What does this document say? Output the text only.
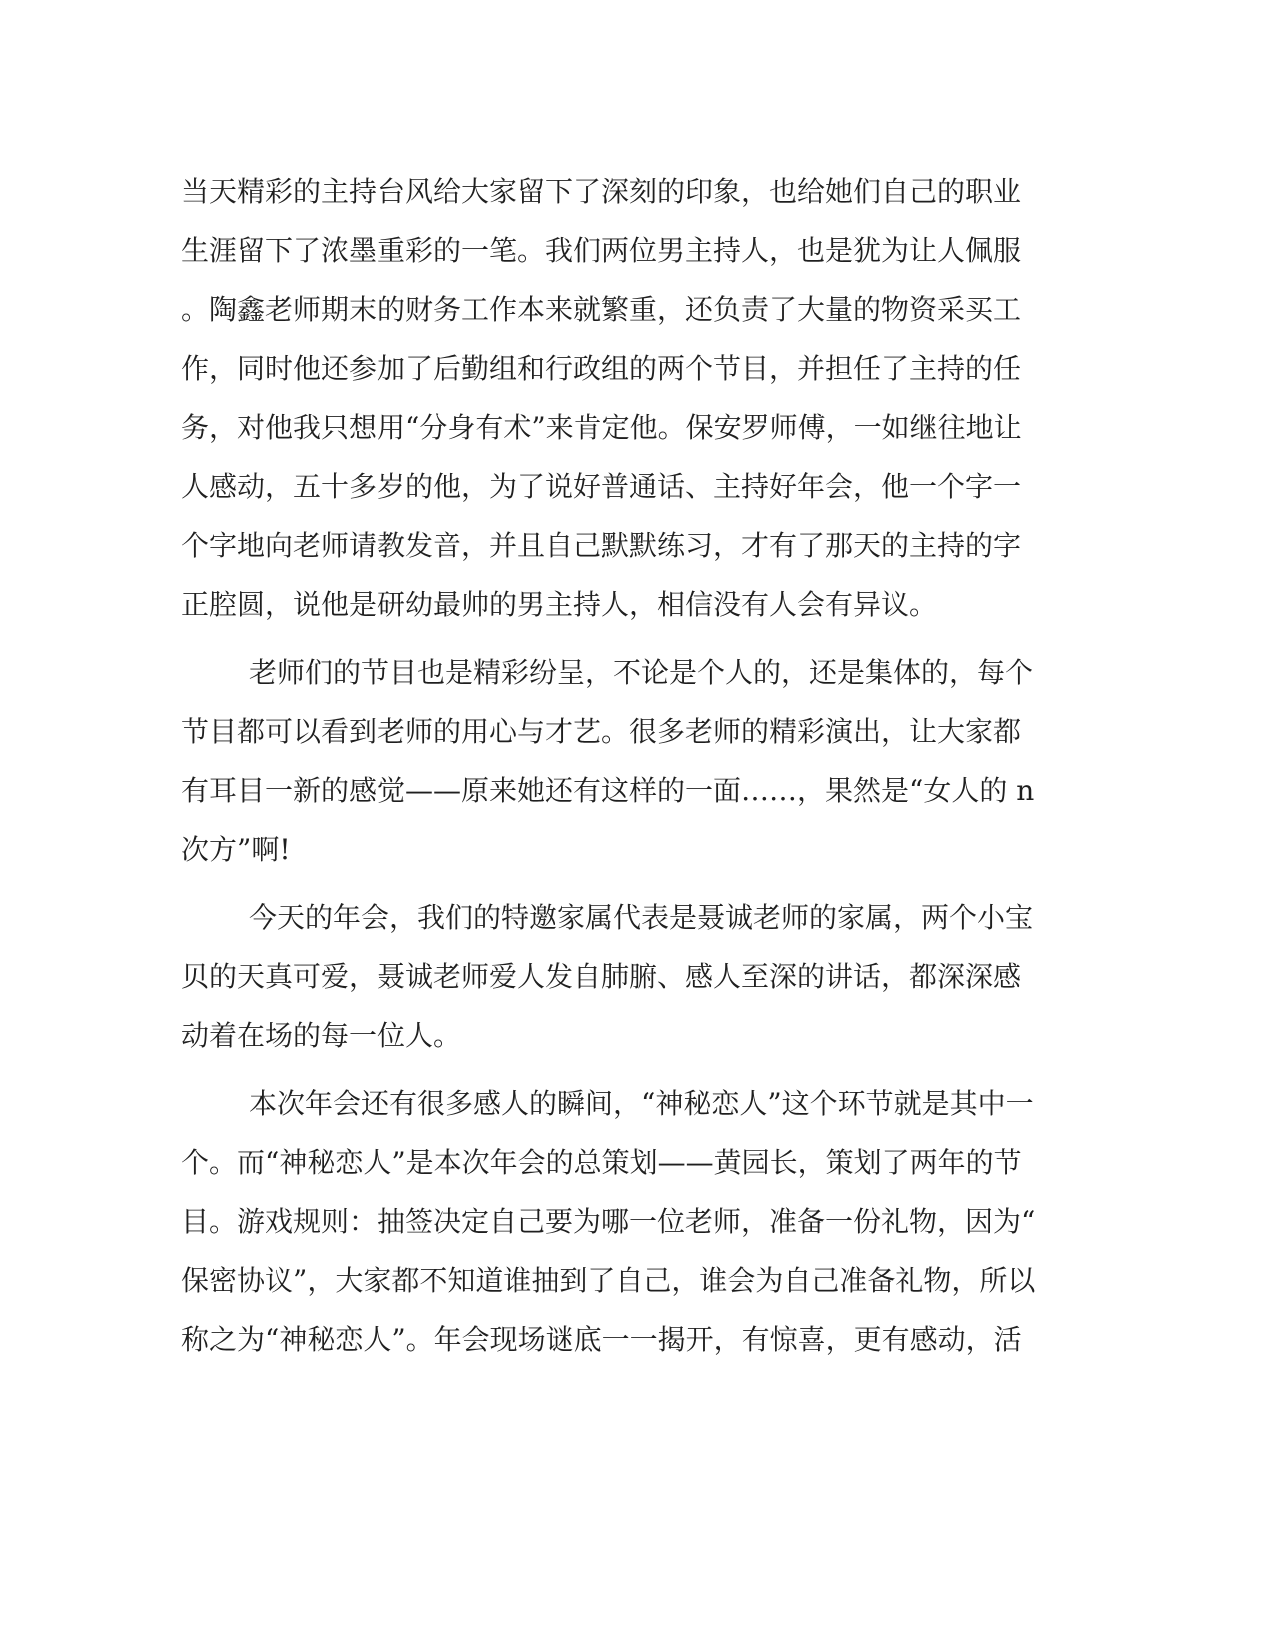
当天精彩的主持台风给大家留下了深刻的印象，也给她们自己的职业
生涯留下了浓墨重彩的一笔。我们两位男主持人，也是犹为让人佩服
。陶鑫老师期末的财务工作本来就繁重，还负责了大量的物资采买工
作，同时他还参加了后勤组和行政组的两个节目，并担任了主持的任
务，对他我只想用“分身有术”来肯定他。保安罗师傅，一如继往地让
人感动，五十多岁的他，为了说好普通话、主持好年会，他一个字一
个字地向老师请教发音，并且自己默默练习，才有了那天的主持的字
正腔圆，说他是研幼最帅的男主持人，相信没有人会有异议。
老师们的节目也是精彩纷呈，不论是个人的，还是集体的，每个
节目都可以看到老师的用心与才艺。很多老师的精彩演出，让大家都
有耳目一新的感觉——原来她还有这样的一面……，果然是“女人的 n
次方”啊!
今天的年会，我们的特邀家属代表是聂诚老师的家属，两个小宝
贝的天真可爱，聂诚老师爱人发自肺腑、感人至深的讲话，都深深感
动着在场的每一位人。
本次年会还有很多感人的瞬间，“神秘恋人”这个环节就是其中一
个。而“神秘恋人”是本次年会的总策划——黄园长，策划了两年的节
目。游戏规则：抽签决定自己要为哪一位老师，准备一份礼物，因为“
保密协议”，大家都不知道谁抽到了自己，谁会为自己准备礼物，所以
称之为“神秘恋人”。年会现场谜底一一揭开，有惊喜，更有感动，活
